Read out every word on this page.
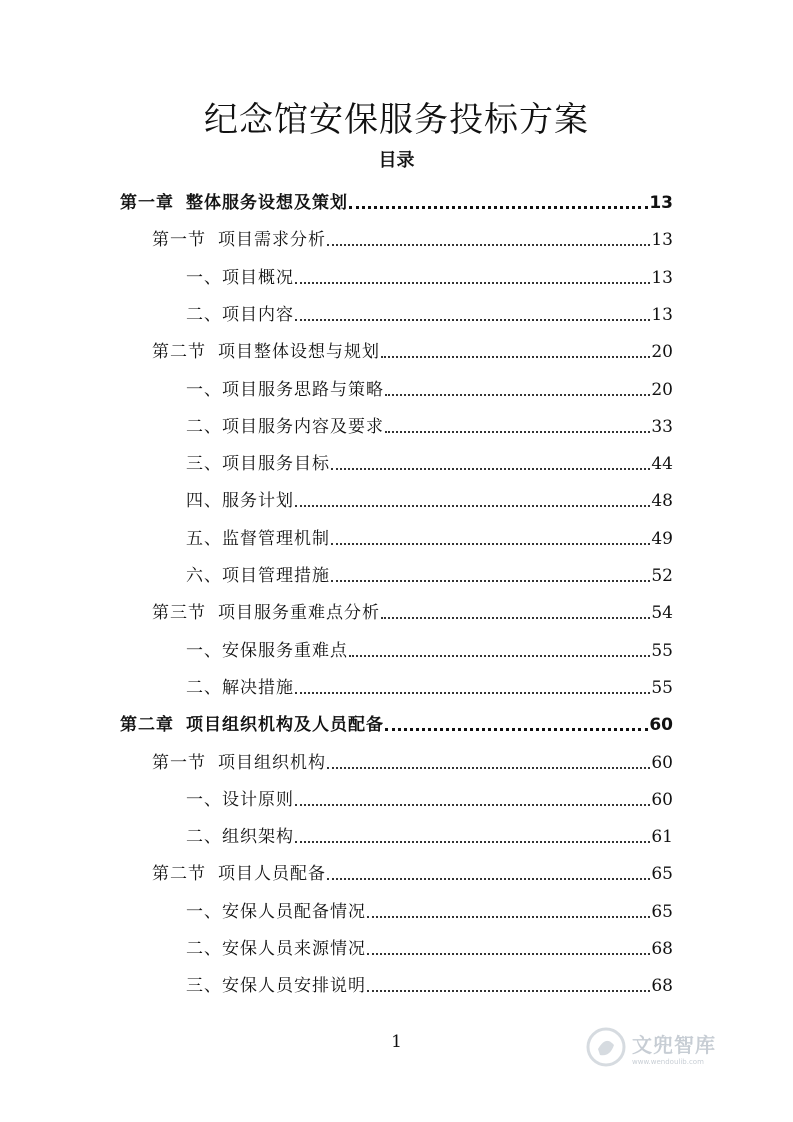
纪念馆安保服务投标方案
目录
第一章 整体服务设想及策划	13
第一节 项目需求分析	13
一、项目概况	13
二、项目内容	13
第二节 项目整体设想与规划	20
一、项目服务思路与策略	20
二、项目服务内容及要求	33
三、项目服务目标	44
四、服务计划	48
五、监督管理机制	49
六、项目管理措施	52
第三节 项目服务重难点分析	54
一、安保服务重难点	55
二、解决措施	55
第二章 项目组织机构及人员配备	60
第一节 项目组织机构	60
一、设计原则	60
二、组织架构	61
第二节 项目人员配备	65
一、安保人员配备情况	65
二、安保人员来源情况	68
三、安保人员安排说明	68
1	文兜智库
www.wendoulib.com
